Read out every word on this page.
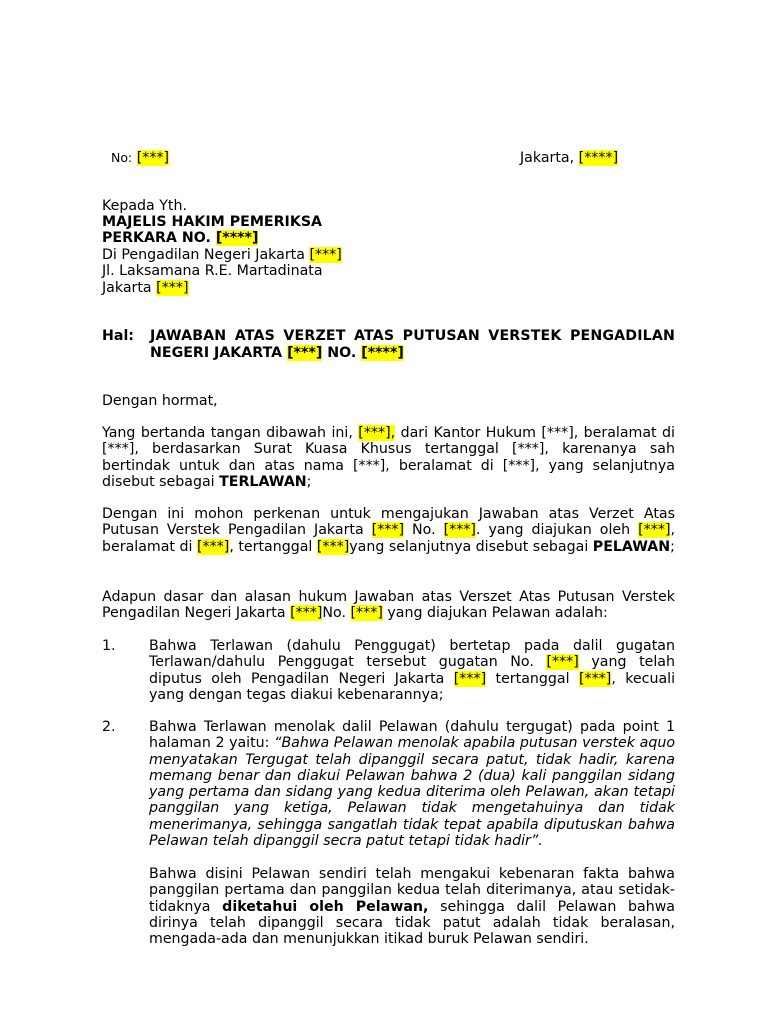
No: [***]	Jakarta, [****]
Kepada Yth.
MAJELIS HAKIM PEMERIKSA
PERKARA NO. [****]
Di Pengadilan Negeri Jakarta [***]
Jl. Laksamana R.E. Martadinata
Jakarta [***]
Hal: JAWABAN ATAS VERZET ATAS PUTUSAN VERSTEK PENGADILAN
NEGERI JAKARTA [***] NO. [****]
Dengan hormat,
Yang bertanda tangan dibawah ini, [***], dari Kantor Hukum [***], beralamat di [***], berdasarkan Surat Kuasa Khusus tertanggal [***], karenanya sah bertindak untuk dan atas nama [***], beralamat di [***], yang selanjutnya disebut sebagai TERLAWAN;
Dengan ini mohon perkenan untuk mengajukan Jawaban atas Verzet Atas Putusan Verstek Pengadilan Jakarta [***] No. [***]. yang diajukan oleh [***], beralamat di [***], tertanggal [***]yang selanjutnya disebut sebagai PELAWAN;
Adapun dasar dan alasan hukum Jawaban atas Verszet Atas Putusan Verstek Pengadilan Negeri Jakarta [***]No. [***] yang diajukan Pelawan adalah:
1. Bahwa Terlawan (dahulu Penggugat) bertetap pada dalil gugatan Terlawan/dahulu Penggugat tersebut gugatan No. [***] yang telah diputus oleh Pengadilan Negeri Jakarta [***] tertanggal [***], kecuali yang dengan tegas diakui kebenarannya;
2. Bahwa Terlawan menolak dalil Pelawan (dahulu tergugat) pada point 1 halaman 2 yaitu: “Bahwa Pelawan menolak apabila putusan verstek aquo menyatakan Tergugat telah dipanggil secara patut, tidak hadir, karena memang benar dan diakui Pelawan bahwa 2 (dua) kali panggilan sidang yang pertama dan sidang yang kedua diterima oleh Pelawan, akan tetapi panggilan yang ketiga, Pelawan tidak mengetahuinya dan tidak menerimanya, sehingga sangatlah tidak tepat apabila diputuskan bahwa Pelawan telah dipanggil secra patut tetapi tidak hadir”.
Bahwa disini Pelawan sendiri telah mengakui kebenaran fakta bahwa panggilan pertama dan panggilan kedua telah diterimanya, atau setidak-tidaknya diketahui oleh Pelawan, sehingga dalil Pelawan bahwa dirinya telah dipanggil secara tidak patut adalah tidak beralasan, mengada-ada dan menunjukkan itikad buruk Pelawan sendiri.
